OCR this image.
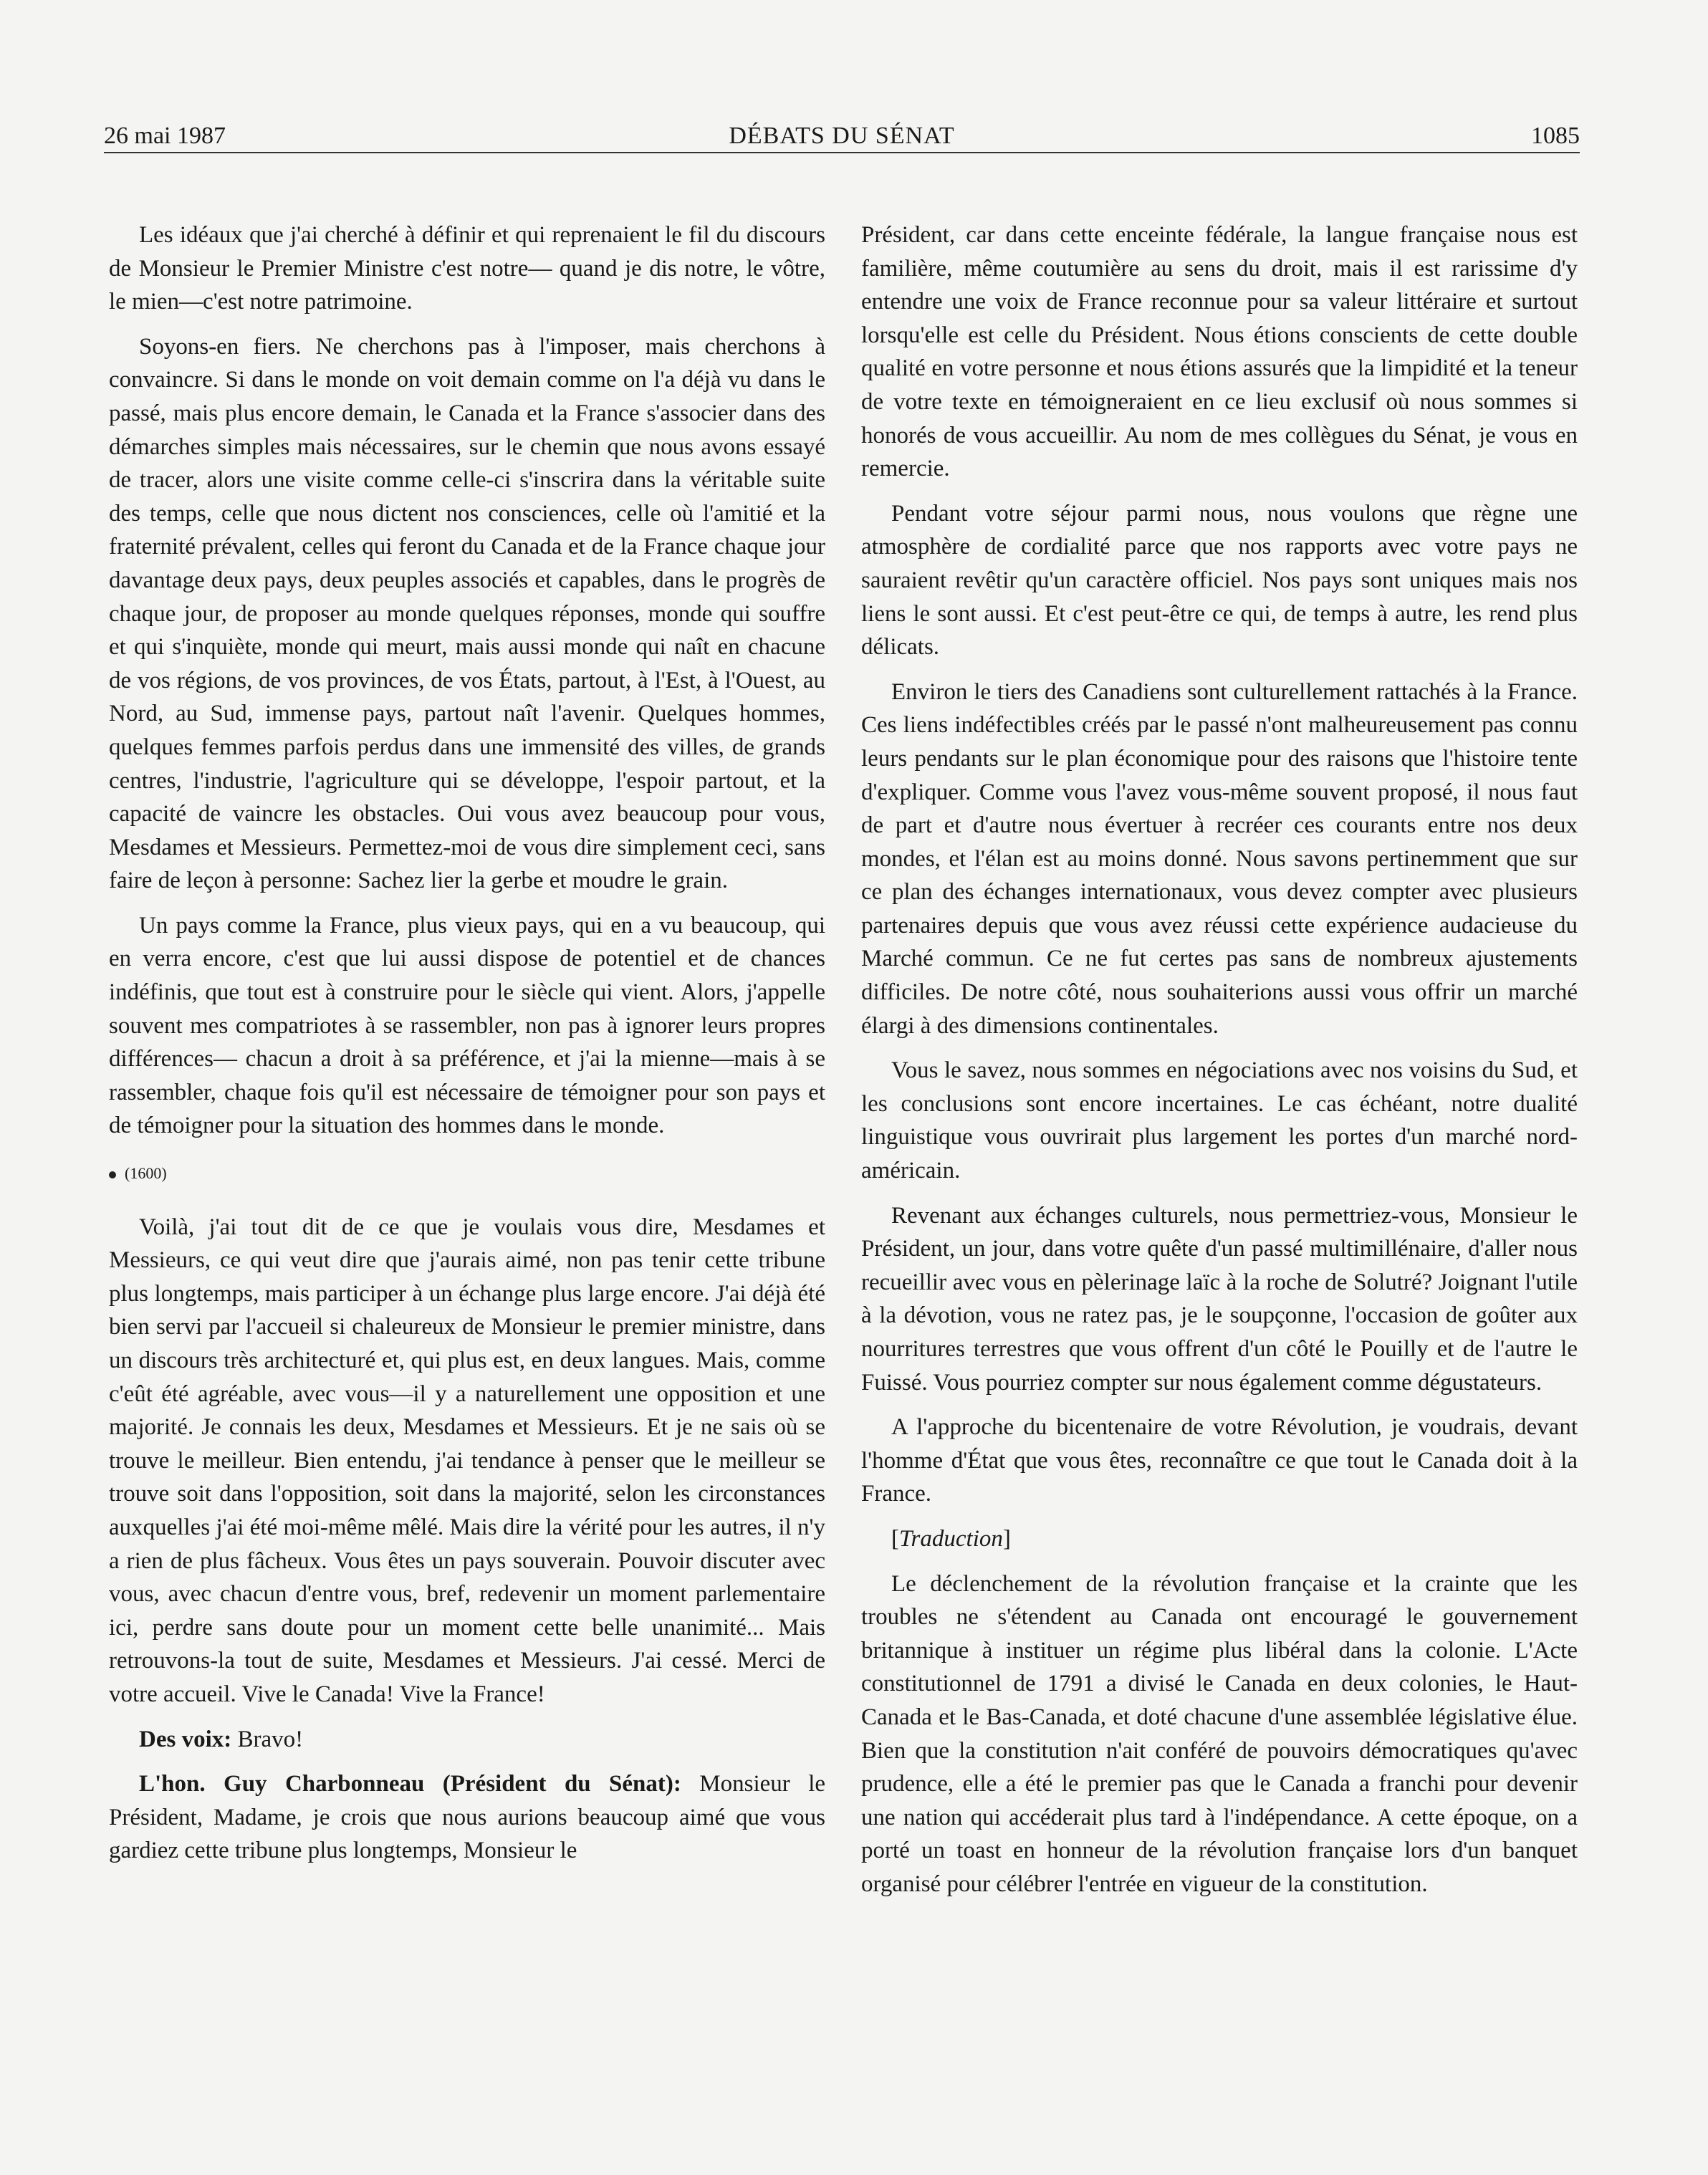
26 mai 1987	DÉBATS DU SÉNAT	1085

Les idéaux que j'ai cherché à définir et qui reprenaient le fil du discours de Monsieur le Premier Ministre c'est notre— quand je dis notre, le vôtre, le mien—c'est notre patrimoine.

Soyons-en fiers. Ne cherchons pas à l'imposer, mais cherchons à convaincre. Si dans le monde on voit demain comme on l'a déjà vu dans le passé, mais plus encore demain, le Canada et la France s'associer dans des démarches simples mais nécessaires, sur le chemin que nous avons essayé de tracer, alors une visite comme celle-ci s'inscrira dans la véritable suite des temps, celle que nous dictent nos consciences, celle où l'amitié et la fraternité prévalent, celles qui feront du Canada et de la France chaque jour davantage deux pays, deux peuples associés et capables, dans le progrès de chaque jour, de proposer au monde quelques réponses, monde qui souffre et qui s'inquiète, monde qui meurt, mais aussi monde qui naît en chacune de vos régions, de vos provinces, de vos États, partout, à l'Est, à l'Ouest, au Nord, au Sud, immense pays, partout naît l'avenir. Quelques hommes, quelques femmes parfois perdus dans une immensité des villes, de grands centres, l'industrie, l'agriculture qui se développe, l'espoir partout, et la capacité de vaincre les obstacles. Oui vous avez beaucoup pour vous, Mesdames et Messieurs. Permettez-moi de vous dire simplement ceci, sans faire de leçon à personne: Sachez lier la gerbe et moudre le grain.

Un pays comme la France, plus vieux pays, qui en a vu beaucoup, qui en verra encore, c'est que lui aussi dispose de potentiel et de chances indéfinis, que tout est à construire pour le siècle qui vient. Alors, j'appelle souvent mes compatriotes à se rassembler, non pas à ignorer leurs propres différences— chacun a droit à sa préférence, et j'ai la mienne—mais à se rassembler, chaque fois qu'il est nécessaire de témoigner pour son pays et de témoigner pour la situation des hommes dans le monde.

(1600)

Voilà, j'ai tout dit de ce que je voulais vous dire, Mesdames et Messieurs, ce qui veut dire que j'aurais aimé, non pas tenir cette tribune plus longtemps, mais participer à un échange plus large encore. J'ai déjà été bien servi par l'accueil si chaleureux de Monsieur le premier ministre, dans un discours très architecturé et, qui plus est, en deux langues. Mais, comme c'eût été agréable, avec vous—il y a naturellement une opposition et une majorité. Je connais les deux, Mesdames et Messieurs. Et je ne sais où se trouve le meilleur. Bien entendu, j'ai tendance à penser que le meilleur se trouve soit dans l'opposition, soit dans la majorité, selon les circonstances auxquelles j'ai été moi-même mêlé. Mais dire la vérité pour les autres, il n'y a rien de plus fâcheux. Vous êtes un pays souverain. Pouvoir discuter avec vous, avec chacun d'entre vous, bref, redevenir un moment parlementaire ici, perdre sans doute pour un moment cette belle unanimité... Mais retrouvons-la tout de suite, Mesdames et Messieurs. J'ai cessé. Merci de votre accueil. Vive le Canada! Vive la France!

Des voix: Bravo!

L'hon. Guy Charbonneau (Président du Sénat): Monsieur le Président, Madame, je crois que nous aurions beaucoup aimé que vous gardiez cette tribune plus longtemps, Monsieur le

Président, car dans cette enceinte fédérale, la langue française nous est familière, même coutumière au sens du droit, mais il est rarissime d'y entendre une voix de France reconnue pour sa valeur littéraire et surtout lorsqu'elle est celle du Président. Nous étions conscients de cette double qualité en votre personne et nous étions assurés que la limpidité et la teneur de votre texte en témoigneraient en ce lieu exclusif où nous sommes si honorés de vous accueillir. Au nom de mes collègues du Sénat, je vous en remercie.

Pendant votre séjour parmi nous, nous voulons que règne une atmosphère de cordialité parce que nos rapports avec votre pays ne sauraient revêtir qu'un caractère officiel. Nos pays sont uniques mais nos liens le sont aussi. Et c'est peut-être ce qui, de temps à autre, les rend plus délicats.

Environ le tiers des Canadiens sont culturellement rattachés à la France. Ces liens indéfectibles créés par le passé n'ont malheureusement pas connu leurs pendants sur le plan économique pour des raisons que l'histoire tente d'expliquer. Comme vous l'avez vous-même souvent proposé, il nous faut de part et d'autre nous évertuer à recréer ces courants entre nos deux mondes, et l'élan est au moins donné. Nous savons pertinemment que sur ce plan des échanges internationaux, vous devez compter avec plusieurs partenaires depuis que vous avez réussi cette expérience audacieuse du Marché commun. Ce ne fut certes pas sans de nombreux ajustements difficiles. De notre côté, nous souhaiterions aussi vous offrir un marché élargi à des dimensions continentales.

Vous le savez, nous sommes en négociations avec nos voisins du Sud, et les conclusions sont encore incertaines. Le cas échéant, notre dualité linguistique vous ouvrirait plus largement les portes d'un marché nord-américain.

Revenant aux échanges culturels, nous permettriez-vous, Monsieur le Président, un jour, dans votre quête d'un passé multimillénaire, d'aller nous recueillir avec vous en pèlerinage laïc à la roche de Solutré? Joignant l'utile à la dévotion, vous ne ratez pas, je le soupçonne, l'occasion de goûter aux nourritures terrestres que vous offrent d'un côté le Pouilly et de l'autre le Fuissé. Vous pourriez compter sur nous également comme dégustateurs.

A l'approche du bicentenaire de votre Révolution, je voudrais, devant l'homme d'État que vous êtes, reconnaître ce que tout le Canada doit à la France.

[Traduction]

Le déclenchement de la révolution française et la crainte que les troubles ne s'étendent au Canada ont encouragé le gouvernement britannique à instituer un régime plus libéral dans la colonie. L'Acte constitutionnel de 1791 a divisé le Canada en deux colonies, le Haut-Canada et le Bas-Canada, et doté chacune d'une assemblée législative élue. Bien que la constitution n'ait conféré de pouvoirs démocratiques qu'avec prudence, elle a été le premier pas que le Canada a franchi pour devenir une nation qui accéderait plus tard à l'indépendance. A cette époque, on a porté un toast en honneur de la révolution française lors d'un banquet organisé pour célébrer l'entrée en vigueur de la constitution.
